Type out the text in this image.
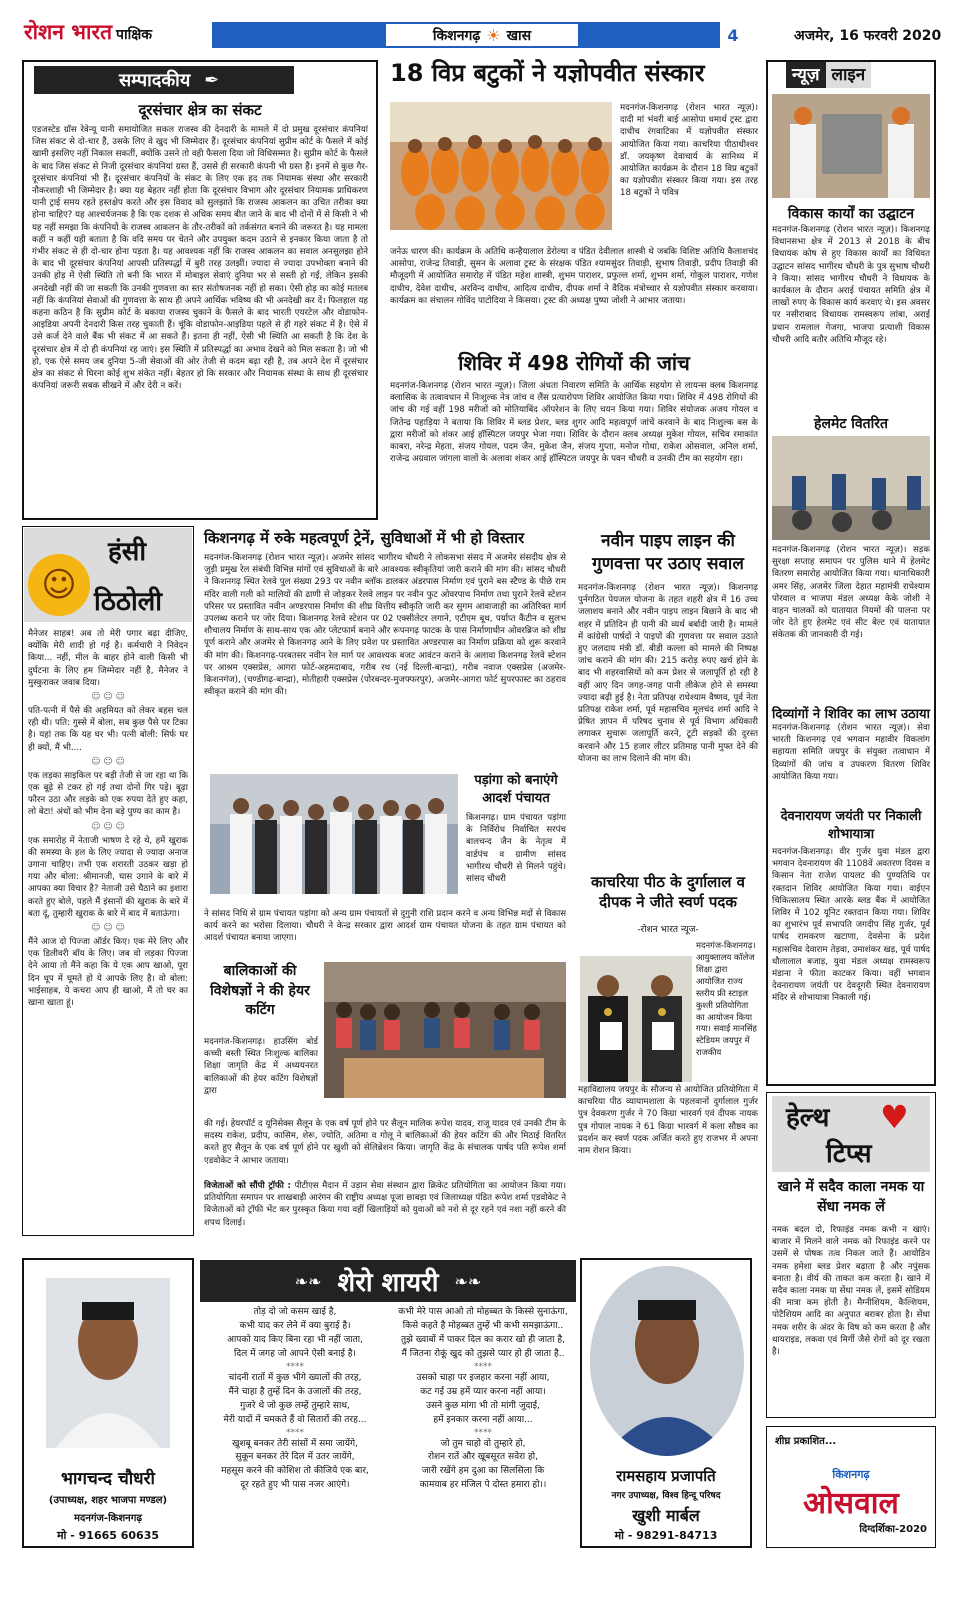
रोशन भारत पाक्षिक	किशनगढ़ ☀ खास	4	अजमेर, 16 फरवरी 2020
सम्पादकीय ✒
दूरसंचार क्षेत्र का संकट
एडजस्टेड ग्रॉस रेवेन्यू यानी समायोजित सकल राजस्व की देनदारी के मामले में दो प्रमुख दूरसंचार कंपनियां जिस संकट से दो-चार हैं, उसके लिए वे खुद भी जिम्मेदार हैं। दूरसंचार कंपनियां सुप्रीम कोर्ट के फैसले में कोई खामी इसलिए नहीं निकाल सकतीं, क्योंकि उसने तो वही फैसला दिया जो विधिसम्मत है। सुप्रीम कोर्ट के फैसले के बाद जिस संकट से निजी दूरसंचार कंपनियां ग्रस्त हैं, उससे ही सरकारी कंपनी भी ग्रस्त हैं। इनमें से कुछ गैर-दूरसंचार कंपनियां भी हैं। दूरसंचार कंपनियों के संकट के लिए एक हद तक नियामक संस्था और सरकारी नौकरशाही भी जिम्मेदार है। क्या यह बेहतर नहीं होता कि दूरसंचार विभाग और दूरसंचार नियामक प्राधिकरण यानी ट्राई समय रहते हस्तक्षेप करते और इस विवाद को सुलझाते कि राजस्व आकलन का उचित तरीका क्या होना चाहिए? यह आश्चर्यजनक है कि एक दशक से अधिक समय बीत जाने के बाद भी दोनों में से किसी ने भी यह नहीं समझा कि कंपनियों के राजस्व आकलन के तौर-तरीकों को तर्कसंगत बनाने की जरूरत है। यह मामला कहीं न कहीं यही बताता है कि वदि समय पर चेतने और उपयुक्त कदम उठाने से इनकार किया जाता है तो गंभीर संकट से ही दो-चार होना पड़ता है। यह आवश्यक नहीं कि राजस्व आकलन का सवाल अनसुलझा होने के बाद भी दूरसंचार कंपनियां आपसी प्रतिस्पर्द्धा में बुरी तरह उलझीं। ज्यादा से ज्यादा उपभोक्ता बनाने की उनकी होड़ में ऐसी स्थिति तो बनी कि भारत में मोबाइल सेवाएं दुनिया भर से सस्ती हो गईं, लेकिन इसकी अनदेखी नहीं की जा सकती कि उनकी गुणवत्ता का स्तर संतोषजनक नहीं हो सका। ऐसी होड़ का कोई मतलब नहीं कि कंपनियां सेवाओं की गुणवत्ता के साथ ही अपने आर्थिक भविष्य की भी अनदेखी कर दें। फिलहाल यह कहना कठिन है कि सुप्रीम कोर्ट के बकाया राजस्व चुकाने के फैसले के बाद भारती एयरटेल और वोडाफोन-आइडिया अपनी देनदारी किस तरह चुकाती हैं। चूंकि वोडाफोन-आइडिया पहले से ही गहरे संकट में है। ऐसे में उसे कर्ज देने वाले बैंक भी संकट में आ सकते हैं। इतना ही नहीं, ऐसी भी स्थिति आ सकती है कि देश के दूरसंचार क्षेत्र में दो ही कंपनियां रह जाएं। इस स्थिति में प्रतिस्पर्द्धा का अभाव देखने को मिल सकता है। जो भी हो, एक ऐसे समय जब दुनिया 5-जी सेवाओं की ओर तेजी से कदम बढ़ा रही है, तब अपने देश में दूरसंचार क्षेत्र का संकट से घिरना कोई शुभ संकेत नहीं। बेहतर हो कि सरकार और नियामक संस्था के साथ ही दूरसंचार कंपनियां जरूरी सबक सीखने में और देरी न करें।
18 विप्र बटुकों ने यज्ञोपवीत संस्कार
मदनगंज-किशनगढ़ (रोशन भारत न्यूज़)। दादी मां भंवरी बाई आसोपा धमार्थ ट्रस्ट द्वारा दाधीच रंगवाटिका में यज्ञोपवीत संस्कार आयोजित किया गया। काचरिया पीठाधीश्वर डॉ. जयकृष्ण देवाचार्य के सानिध्य में आयोजित कार्यक्रम के दौरान 18 विप्र बटुकों का यज्ञोपवीत संस्कार किया गया। इस तरह 18 बटुकों ने पवित्र
जनेऊ धारण की। कार्यक्रम के अतिथि कन्हैयालाल डेरोल्या व पंडित देवीलाल शास्त्री थे जबकि विशिष्ट अतिथि कैलाशचंद आसोपा, राजेन्द्र तिवाड़ी, सुमन के अलावा ट्रस्ट के संरक्षक पंडित श्यामसुंदर तिवाड़ी, सुभाष तिवाड़ी, प्रदीप तिवाड़ी की मौजूदगी में आयोजित समारोह में पंडित महेश शास्त्री, शुभम पाराशर, प्रफुल्ल शर्मा, शुभम शर्मा, गोकुल पाराशर, गणेश दाधीच, देवेश दाधीच, अरविन्द दाधीच, आदित्य दाधीच, दीपक शर्मा ने वैदिक मंत्रोच्चार से यज्ञोपवीत संस्कार करवाया। कार्यक्रम का संचालन गोविंद पाटोदिया ने किसया। ट्रस्ट की अध्यक्ष पुष्पा जोशी ने आभार जताया।
शिविर में 498 रोगियों की जांच
मदनगंज-किशनगढ़ (रोशन भारत न्यूज़)। जिला अंधता निवारण समिति के आर्थिक सहयोग से लायन्स क्लब किशनगढ़ क्लासिक के तत्वावधान में निःशुल्क नेत्र जांच व लैंस प्रत्यारोपण शिविर आयोजित किया गया। शिविर में 498 रोगियों की जांच की गई वहीं 198 मरीजों को मोतियाबिंद ऑपरेशन के लिए चयन किया गया। शिविर संयोजक अजय गोयल व जितेन्द्र पहाड़िया ने बताया कि शिविर में ब्लड प्रेशर, ब्लड शुगर आदि महत्वपूर्ण जांचें करवाने के बाद निःशुल्क बस के द्वारा मरीजों को शंकर आई हॉस्पिटल जयपुर भेजा गया। शिविर के दौरान क्लब अध्यक्ष मुकेश गोयल, सचिव रमाकांत काबरा, नरेन्द्र मेहता, संजय गोयल, पदम जैन, मुकेश जैन, संजय गुप्ता, मनोज गोधा, राकेश ओसवाल, अनिल शर्मा, राजेन्द्र अग्रवाल जांगला वालों के अलावा शंकर आई हॉस्पिटल जयपुर के पवन चौधरी व उनकी टीम का सहयोग रहा।
न्यूज़ लाइन
विकास कार्यों का उद्घाटन
मदनगंज-किशनगढ़ (रोशन भारत न्यूज़)। किशनगढ़ विधानसभा क्षेत्र में 2013 से 2018 के बीच विधायक कोष से हुए विकास कार्यों का विधिवत उद्घाटन सांसद भागीरथ चौधरी के पुत्र सुभाष चौधरी ने किया। सांसद भागीरथ चौधरी ने विधायक के कार्यकाल के दौरान अराई पंचायत समिति क्षेत्र में लाखों रुपए के विकास कार्य करवाए थे। इस अवसर पर नसीराबाद विधायक रामस्वरूप लांबा, अराई प्रधान रामलाल गेजगा, भाजपा प्रत्याशी विकास चौधरी आदि बतौर अतिथि मौजूद रहे।
हेलमेट वितरित
मदनगंज-किशनगढ़ (रोशन भारत न्यूज़)। सड़क सुरक्षा सप्ताह समापन पर पुलिस थाने में हेलमेट वितरण समारोह आयोजित किया गया। थानाधिकारी अमर सिंह, अजमेर जिला देहात महामंत्री राधेश्याम पोरवाल व भाजपा मंडल अध्यक्ष केके जोशी ने वाहन चालकों को यातायात नियमों की पालना पर जोर देते हुए हेलमेट एवं सीट बेल्ट एवं यातायात संकेतक की जानकारी दी गई।
दिव्यांगों ने शिविर का लाभ उठाया
मदनगंज-किशनगढ़ (रोशन भारत न्यूज़)। सेवा भारती किशनगढ़ एवं भगवान महावीर विकलांग सहायता समिति जयपुर के संयुक्त तत्वाधान में दिव्यांगों की जांच व उपकरण वितरण शिविर आयोजित किया गया।
देवनारायण जयंती पर निकाली शोभायात्रा
मदनगंज-किशनगढ़। वीर गुर्जर युवा मंडल द्वारा भगवान देवनारायण की 1108वें अवतरण दिवस व किसान नेता राजेश पायलट की पुण्यतिथि पर रक्तदान शिविर आयोजित किया गया। वाईएन चिकित्सालय स्थित आरके ब्लड बैंक में आयोजित शिविर में 102 यूनिट रक्तदान किया गया। शिविर का शुभारंभ पूर्व सभापति जगदीप सिंह गुर्जर, पूर्व पार्षद रामकरण खटाणा, देवसेना के प्रदेश महासचिव देवाराम तेड़वा, उमाशंकर खड़, पूर्व पार्षद धौलालाल बजाड़, युवा मंडल अध्यक्ष रामस्वरूप मंडाना ने फीता काटकर किया। वहीं भगवान देवनारायण जयंती पर देवदूगरी स्थित देवनारायण मंदिर से शोभायात्रा निकाली गई।
☺
हंसी
ठिठोली
मैनेजर साहब! अब तो मेरी पगार बढ़ा दीजिए, क्योंकि मेरी शादी हो गई है। कर्मचारी ने निवेदन किया... नहीं, मील के बाहर होने वाली किसी भी दुर्घटना के लिए हम जिम्मेदार नहीं है, मैनेजर ने मुस्कुराकर जवाब दिया।
☺ ☺ ☺
पति-पत्नी में पैसे की अहमियत को लेकर बहस चल रही थी। पति: गुस्से में बोला, सब कुछ पैसे पर टिका है। यहां तक कि यह घर भी। पत्नी बोली: सिर्फ घर ही क्यों, मैं भी....
☺ ☺ ☺
एक लड़का साइकिल पर बड़ी तेजी से जा रहा था कि एक बूढ़े से टकर हो गई तथा दोनों गिर पड़े। बूढ़ा फौरन उठा और लड़के को एक रुपया देते हुए कहा, लो बेटा! अंधों को भीम देना बड़े पुण्य का काम है।
☺ ☺ ☺
एक समारोह में नेताजी भाषण दे रहे थे, हमें खुराक की समस्या के हल के लिए ज्यादा से ज्यादा अनाज उगाना चाहिए। तभी एक शरारती उठकर खड़ा हो गया और बोला: श्रीमानजी, घास उगाने के बारे में आपका क्या विचार है? नेताजी उसे घैठाने का इशारा करते हुए बोले, पहले मैं इंसानों की खुराक के बारे में बता दूं, तुम्हारी खुराक के बारे में बाद में बताऊंगा।
☺ ☺ ☺
मैंने आज दो पिज्जा ऑर्डर किए। एक मेरे लिए और एक डिलीवरी बॉय के लिए। जब वो लड़का पिज्जा देने आया तो मैंने कहा कि ये एक आप खाओ, पूरा दिन धूप में घूमते हो ये आपके लिए है। वो बोला: भाईसाहब, ये कचरा आप ही खाओ, मैं तो घर का खाना खाता हूं।
किशनगढ़ में रुके महत्वपूर्ण ट्रेनें, सुविधाओं में भी हो विस्तार
मदनगंज-किशनगढ़ (रोशन भारत न्यूज़)। अजमेर सांसद भागीरथ चौधरी ने लोकसभा संसद में अजमेर संसदीय क्षेत्र से जुड़ी प्रमुख रेल संबंधी विभिन्न मांगों एवं सुविधाओं के बारे आवश्यक स्वीकृतियां जारी कराने की मांग की। सांसद चौधरी ने किशनगढ़ स्थित रेलवे पुल संख्या 293 पर नवीन ब्लॉक डालकर अंडरपास निर्माण एवं पुराने बस स्टैण्ड के पीछे राम मंदिर वाली गली को मालियों की ढाणी से जोड़कर रेलवे लाइन पर नवीन फुट ओवरपाथ निर्माण तथा पुराने रेलवे स्टेशन परिसर पर प्रस्तावित नवीन अण्डरपास निर्माण की शीघ्र वित्तीय स्वीकृति जारी कर सुगम आवाजाही का अतिरिक्त मार्ग उपलब्ध कराने पर जोर दिया। किशनगढ़ रेलवे स्टेशन पर 02 एक्सीलेटर लगाने, एटीएम बूथ, पर्याप्त कैंटीन व सुलभ शौचालय निर्माण के साथ-साथ एक ओर प्लेटफार्म बनाने और रूपनगढ़ फाटक के पास निर्माणाधीन ओवरब्रिज को शीघ्र पूर्ण कराने और अजमेर से किशनगढ़ आने के लिए प्रवेश पर प्रस्तावित अण्डरपास का निर्माण प्रक्रिया को शुरू करवाने की मांग की। किशनगढ़-परबतसर नवीन रेल मार्ग पर आवश्यक बजट आवंटन कराने के अलावा किशनगढ़ रेलवे स्टेशन पर आश्रम एक्सप्रेस, आगरा फोर्ट-अहमदाबाद, गरीब रथ (नई दिल्ली-बान्द्रा), गरीब नवाज एक्सप्रेस (अजमेर-किशनगंज), (चण्डीगढ़-बान्द्रा), मोतीहारी एक्सप्रेस (पोरबन्दर-मुजफ्फरपुर), अजमेर-आगरा फोर्ट सुपरफास्ट का ठहराव स्वीकृत कराने की मांग की।
पड़ांगा को बनाएंगे आदर्श पंचायत
किशनगढ़। ग्राम पंचायत पड़ांगा के निर्विरोध निर्वाचित सरपंच बालचन्द जैन के नेतृत्व में वार्डपंच व ग्रामीण सांसद भागीरथ चौधरी से मिलने पहुंचे। सांसद चौधरी
ने सांसद निधि से ग्राम पंचायत पड़ांगा को अन्य ग्राम पंचायतों से दुगुनी राशि प्रदान करने व अन्य विभिन्न मदों से विकास कार्य करने का भरोसा दिलाया। चौधरी ने केन्द्र सरकार द्वारा आदर्श ग्राम पंचायत योजना के तहत ग्राम पंचायत को आदर्श पंचायत बनाया जाएगा।
बालिकाओं की विशेषज्ञों ने की हेयर कटिंग
मदनगंज-किशनगढ़। हाउसिंग बोर्ड कच्ची बस्ती स्थित निःशुल्क बालिका शिक्षा जागृति केंद्र में अध्ययनरत बालिकाओं की हेयर कटिंग विशेषज्ञों द्वारा
की गई। हेयरपॉर्ट द यूनिसेक्स सैलून के एक वर्ष पूर्ण होने पर सैलून मालिक रूपेश यादव, राजू यादव एवं उनकी टीम के सदस्य राकेश, प्रदीप, कासिम, शेरू, ज्योति, अतिमा व गोलू ने बालिकाओं की हेयर कटिंग की और मिठाई वितरित करते हुए सैलून के एक वर्ष पूर्ण होने पर खुशी को सेलिब्रेशन किया। जागृति केंद्र के संचालक पार्षद पति रूपेश शर्मा एडवोकेट ने आभार जताया।
विजेताओं को सौंपी ट्रॉफी : पीटीएस मैदान में उड़ान सेवा संस्थान द्वारा क्रिकेट प्रतियोगिता का आयोजन किया गया। प्रतियोगिता समापन पर शाखबाड़ी आरंगन की राष्ट्रीय अध्यक्ष पूजा छाबड़ा एवं जिलाध्यक्ष पंडित रूपेश शर्मा एडवोकेट ने विजेताओं को ट्रॉफी भेंट कर पुरस्कृत किया गया वहीं खिलाड़ियों को युवाओं को नशे से दूर रहने एवं नशा नहीं करने की शपथ दिलाई।
नवीन पाइप लाइन की गुणवत्ता पर उठाए सवाल
मदनगंज-किशनगढ़ (रोशन भारत न्यूज़)। किशनगढ़ पुर्नगठित पेयजल योजना के तहत शहरी क्षेत्र में 16 उच्च जलाशय बनाने और नवीन पाइप लाइन बिछाने के बाद भी शहर में प्रतिदिन ही पानी की व्यर्थ बर्बादी जारी है। मामले में कांग्रेसी पार्षदों ने पाइपों की गुणवत्ता पर सवाल उठाते हुए जलदाय मंत्री डॉ. बीडी कल्ला को मामले की निष्पक्ष जांच कराने की मांग की। 215 करोड़ रुपए खर्च होने के बाद भी शहरवासियों को कम प्रेशर से जलापूर्ति हो रही है वहीं आए दिन जगह-जगह पानी लीकेज होने से समस्या ज्यादा बढ़ी हुई है। नेता प्रतिपक्ष राधेश्याम वैष्णव, पूर्व नेता प्रतिपक्ष राकेश शर्मा, पूर्व महासचिव मूलचंद शर्मा आदि ने प्रेषित ज्ञापन में परिषद चुनाव से पूर्व विभाग अधिकारी लगाकर सुचारू जलापूर्ति करने, टूटी सड़कों की दुरस्त करवाने और 15 हजार लीटर प्रतिमाह पानी मुफ्त देने की योजना का लाभ दिलाने की मांग की।
काचरिया पीठ के दुर्गालाल व दीपक ने जीते स्वर्ण पदक
-रोशन भारत न्यूज-
मदनगंज-किशनगढ़। आयुक्तालय कॉलेज शिक्षा द्वारा आयोजित राज्य स्तरीय फ्री स्टाइल कुश्ती प्रतियोगिता का आयोजन किया गया। सवाई मानसिंह स्टेडियम जयपुर में राजकीय
महाविद्यालय जयपुर के सौजन्य से आयोजित प्रतियोगिता में काचरिया पीठ व्यायामशाला के पहलवानों दुर्गालाल गुर्जर पुत्र देवकरण गुर्जर ने 70 किग्रा भारवर्ग एवं दीपक नायक पुत्र गोपाल नायक ने 61 किग्रा भारवर्ग में कला सौष्ठव का प्रदर्शन कर स्वर्ण पदक अर्जित करते हुए राजभर में अपना नाम रोशन किया।
हेल्थ
टिप्स
♥
खाने में सदैव काला नमक या सेंधा नमक लें
नमक बदल दो, रिफाइंड नमक कभी न खाएं। बाजार में मिलने वाले नमक को रिफाइंड करने पर उसमें से पोषक तत्व निकल जाते हैं। आयोडिन नमक हमेशा ब्लड प्रेशर बढ़ाता है और नपुंसक बनाता है। वीर्य की ताकत कम करता है। खाने में सदैव काला नमक या सेंधा नमक लें, इसमें सोडियम की मात्रा कम होती है। मैग्नीशियम, कैल्शियम, पोटैशियम आदि का अनुपात बराबर होता है। सेंधा नमक शरीर के अंदर के विष को कम करता है और थायराइड, लकवा एवं मिर्गी जैसे रोगों को दूर रखता है।
❧❧ शेरो शायरी ❧❧
तोड़ दो जो कसम खाई है,
कभी याद कर लेने में क्या बुराई है।
आपको याद किए बिना रहा भी नहीं जाता,
दिल में जगह जो आपने ऐसी बनाई है।
****
चांदनी रातों में कुछ भीगे ख्यालों की तरह,
मैंने चाहा है तुम्हें दिन के उजालों की तरह,
गुजरे थे जो कुछ लम्हें तुम्हारे साथ,
मेरी यादों में चमकते हैं वो सितारों की तरह...
****
खुशबू बनकर तेरी सांसों में समा जायेंगे,
सुकून बनकर तेरे दिल में उतर जायेंगे,
महसूस करने की कोशिश तो कीजिये एक बार,
दूर रहते हुए भी पास नजर आएंगे।
कभी मेरे पास आओ तो मोहब्बत के किस्से सुनाऊंगा,
किसे कहते है मोहब्बत तुम्हें भी कभी समझाऊंगा..
तुझे ख्वाबों में पाकर दिल का करार खो ही जाता है,
मैं जितना रोकूं खुद को तुझसे प्यार हो ही जाता है..
****
उसको चाहा पर इजहार करना नहीं आया,
कट गई उम्र हमें प्यार करना नहीं आया।
उसने कुछ मांगा भी तो मांगी जुदाई,
हमें इनकार करना नहीं आया...
****
जो तुम चाहो वो तुम्हारे हो,
रोशन रातें और खूबसूरत सवेरा हो,
जारी रखेंगे हम दुआ का सिलसिला कि
कामयाब हर मंजिल पे दोस्त हमारा हो।।
भागचन्द चौधरी
(उपाध्यक्ष, शहर भाजपा मण्डल)
मदनगंज-किशनगढ़
मो - 91665 60635
रामसहाय प्रजापति
नगर उपाध्यक्ष, विश्व हिन्दू परिषद
खुशी मार्बल
मो - 98291-84713
शीघ्र प्रकाशित...
किशनगढ़
ओसवाल
दिग्दर्शिका-2020
